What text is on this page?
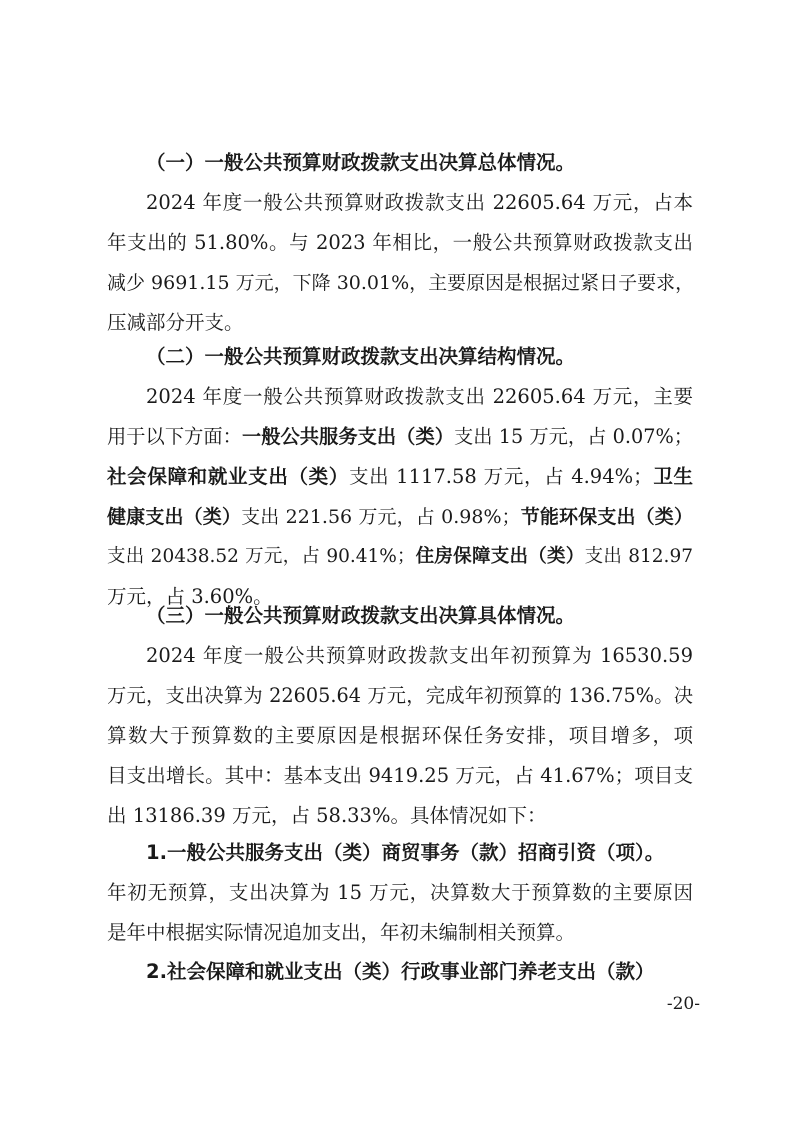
（一）一般公共预算财政拨款支出决算总体情况。
2024 年度一般公共预算财政拨款支出 22605.64 万元，占本
年支出的 51.80%。与 2023 年相比，一般公共预算财政拨款支出
减少 9691.15 万元，下降 30.01%，主要原因是根据过紧日子要求，
压减部分开支。
（二）一般公共预算财政拨款支出决算结构情况。
2024 年度一般公共预算财政拨款支出 22605.64 万元，主要
用于以下方面：一般公共服务支出（类）支出 15 万元，占 0.07%；
社会保障和就业支出（类）支出 1117.58 万元，占 4.94%；卫生
健康支出（类）支出 221.56 万元，占 0.98%；节能环保支出（类）
支出 20438.52 万元，占 90.41%；住房保障支出（类）支出 812.97
万元，占 3.60%。
（三）一般公共预算财政拨款支出决算具体情况。
2024 年度一般公共预算财政拨款支出年初预算为 16530.59
万元，支出决算为 22605.64 万元，完成年初预算的 136.75%。决
算数大于预算数的主要原因是根据环保任务安排，项目增多，项
目支出增长。其中：基本支出 9419.25 万元，占 41.67%；项目支
出 13186.39 万元，占 58.33%。具体情况如下：
1.一般公共服务支出（类）商贸事务（款）招商引资（项）。
年初无预算，支出决算为 15 万元，决算数大于预算数的主要原因
是年中根据实际情况追加支出，年初未编制相关预算。
2.社会保障和就业支出（类）行政事业部门养老支出（款）
-20-
